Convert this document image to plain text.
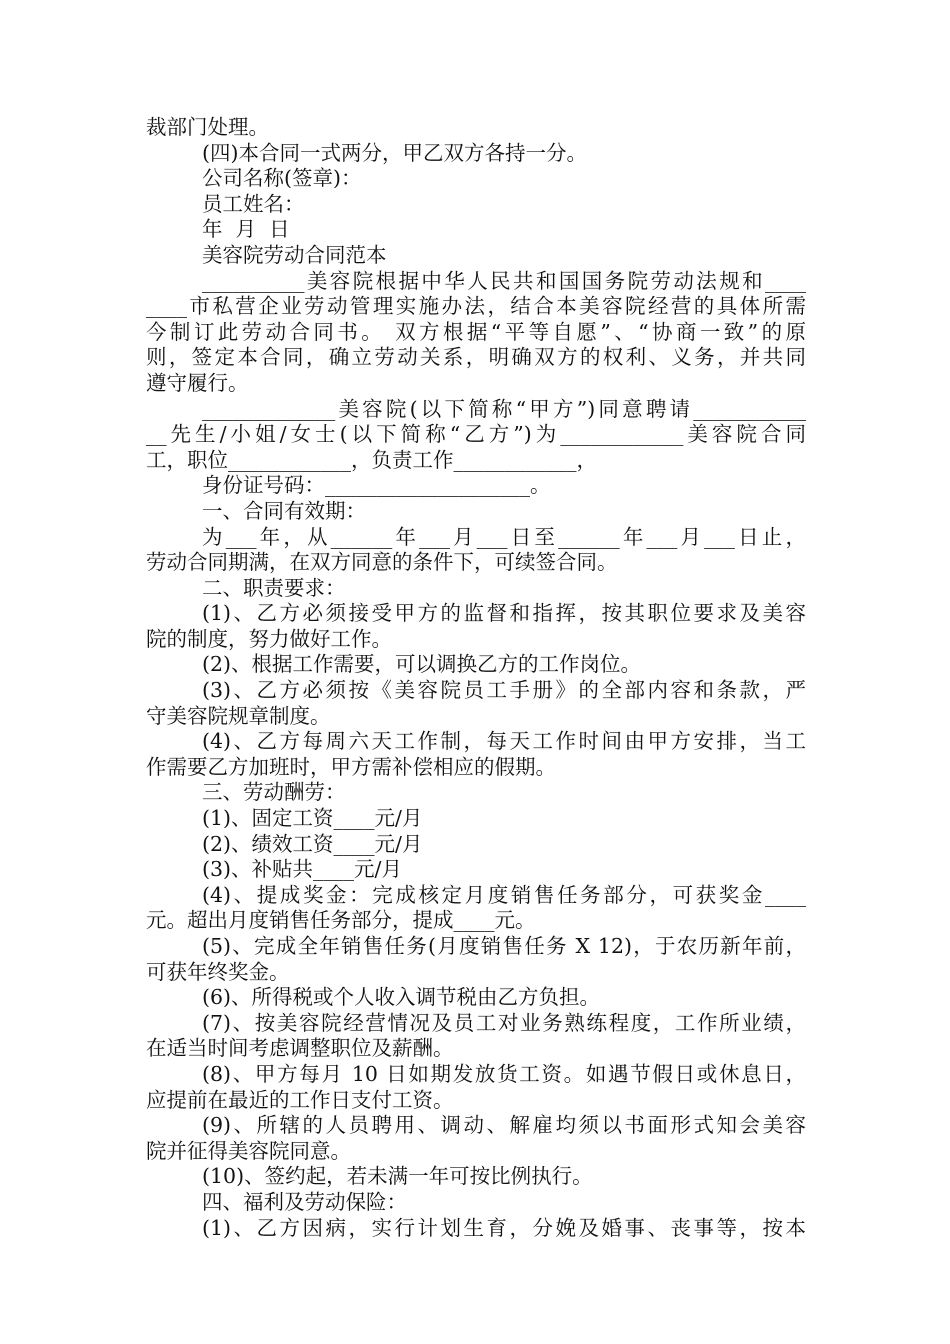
裁部门处理。
(四)本合同一式两分，甲乙双方各持一分。
公司名称(签章)：
员工姓名：
年  月  日
美容院劳动合同范本
__________美容院根据中华人民共和国国务院劳动法规和____
____市私营企业劳动管理实施办法，结合本美容院经营的具体所需
今制订此劳动合同书。 双方根据“平等自愿”、“协商一致”的原
则，签定本合同，确立劳动关系，明确双方的权利、义务，并共同
遵守履行。
_____________美容院(以下简称“甲方”)同意聘请___________
__先生/小姐/女士(以下简称“乙方”)为____________美容院合同
工，职位____________，负责工作____________，
身份证号码：____________________。
一、合同有效期：
为___年，从______年___月___日至______年___月___日止，
劳动合同期满，在双方同意的条件下，可续签合同。
二、职责要求：
(1)、乙方必须接受甲方的监督和指挥，按其职位要求及美容
院的制度，努力做好工作。
(2)、根据工作需要，可以调换乙方的工作岗位。
(3)、乙方必须按《美容院员工手册》的全部内容和条款，严
守美容院规章制度。
(4)、乙方每周六天工作制，每天工作时间由甲方安排，当工
作需要乙方加班时，甲方需补偿相应的假期。
三、劳动酬劳：
(1)、固定工资____元/月
(2)、绩效工资____元/月
(3)、补贴共____元/月
(4)、提成奖金：完成核定月度销售任务部分，可获奖金____
元。超出月度销售任务部分，提成____元。
(5)、完成全年销售任务(月度销售任务 X 12)，于农历新年前，
可获年终奖金。
(6)、所得税或个人收入调节税由乙方负担。
(7)、按美容院经营情况及员工对业务熟练程度，工作所业绩，
在适当时间考虑调整职位及薪酬。
(8)、甲方每月 10 日如期发放货工资。如遇节假日或休息日，
应提前在最近的工作日支付工资。
(9)、所辖的人员聘用、调动、解雇均须以书面形式知会美容
院并征得美容院同意。
(10)、签约起，若未满一年可按比例执行。
四、福利及劳动保险：
(1)、乙方因病，实行计划生育，分娩及婚事、丧事等，按本
